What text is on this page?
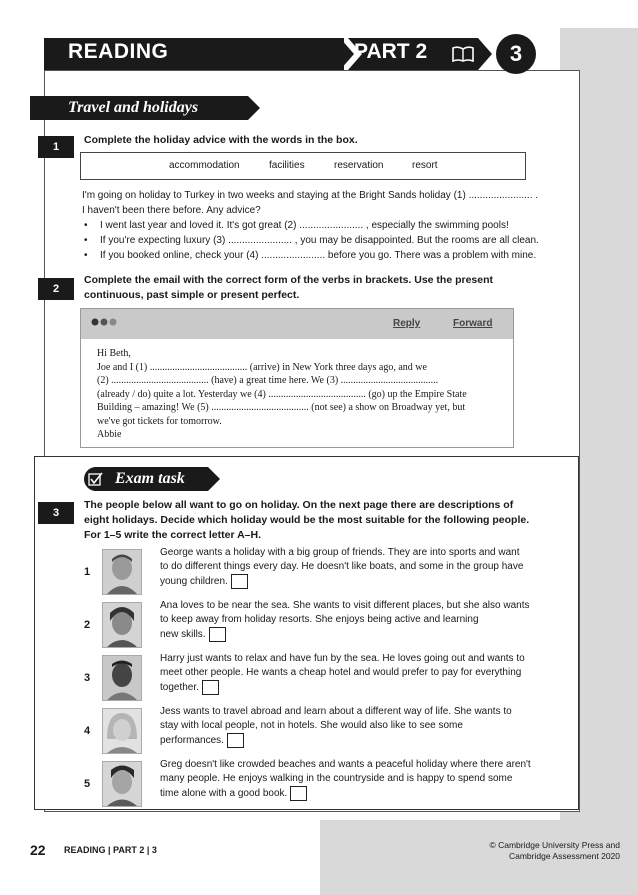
READING	PART 2	3
Travel and holidays
1
Complete the holiday advice with the words in the box.
accommodation	facilities	reservation	resort
I'm going on holiday to Turkey in two weeks and staying at the Bright Sands holiday (1) ....................... .
I haven't been there before. Any advice?
• I went last year and loved it. It's got great (2) ....................... , especially the swimming pools!
• If you're expecting luxury (3) ....................... , you may be disappointed. But the rooms are all clean.
• If you booked online, check your (4) ....................... before you go. There was a problem with mine.
2
Complete the email with the correct form of the verbs in brackets. Use the present
continuous, past simple or present perfect.
Reply	Forward
Hi Beth,
Joe and I (1) ....................................... (arrive) in New York three days ago, and we
(2) ....................................... (have) a great time here. We (3) .......................................
(already / do) quite a lot. Yesterday we (4) ....................................... (go) up the Empire State
Building – amazing! We (5) ....................................... (not see) a show on Broadway yet, but
we've got tickets for tomorrow.
Abbie
Exam task
3
The people below all want to go on holiday. On the next page there are descriptions of
eight holidays. Decide which holiday would be the most suitable for the following people.
For 1–5 write the correct letter A–H.
1
George wants a holiday with a big group of friends. They are into sports and want
to do different things every day. He doesn't like boats, and some in the group have
young children.
2
Ana loves to be near the sea. She wants to visit different places, but she also wants
to keep away from holiday resorts. She enjoys being active and learning
new skills.
3
Harry just wants to relax and have fun by the sea. He loves going out and wants to
meet other people. He wants a cheap hotel and would prefer to pay for everything
together.
4
Jess wants to travel abroad and learn about a different way of life. She wants to
stay with local people, not in hotels. She would also like to see some
performances.
5
Greg doesn't like crowded beaches and wants a peaceful holiday where there aren't
many people. He enjoys walking in the countryside and is happy to spend some
time alone with a good book.
22 READING | PART 2 | 3	© Cambridge University Press and
Cambridge Assessment 2020
